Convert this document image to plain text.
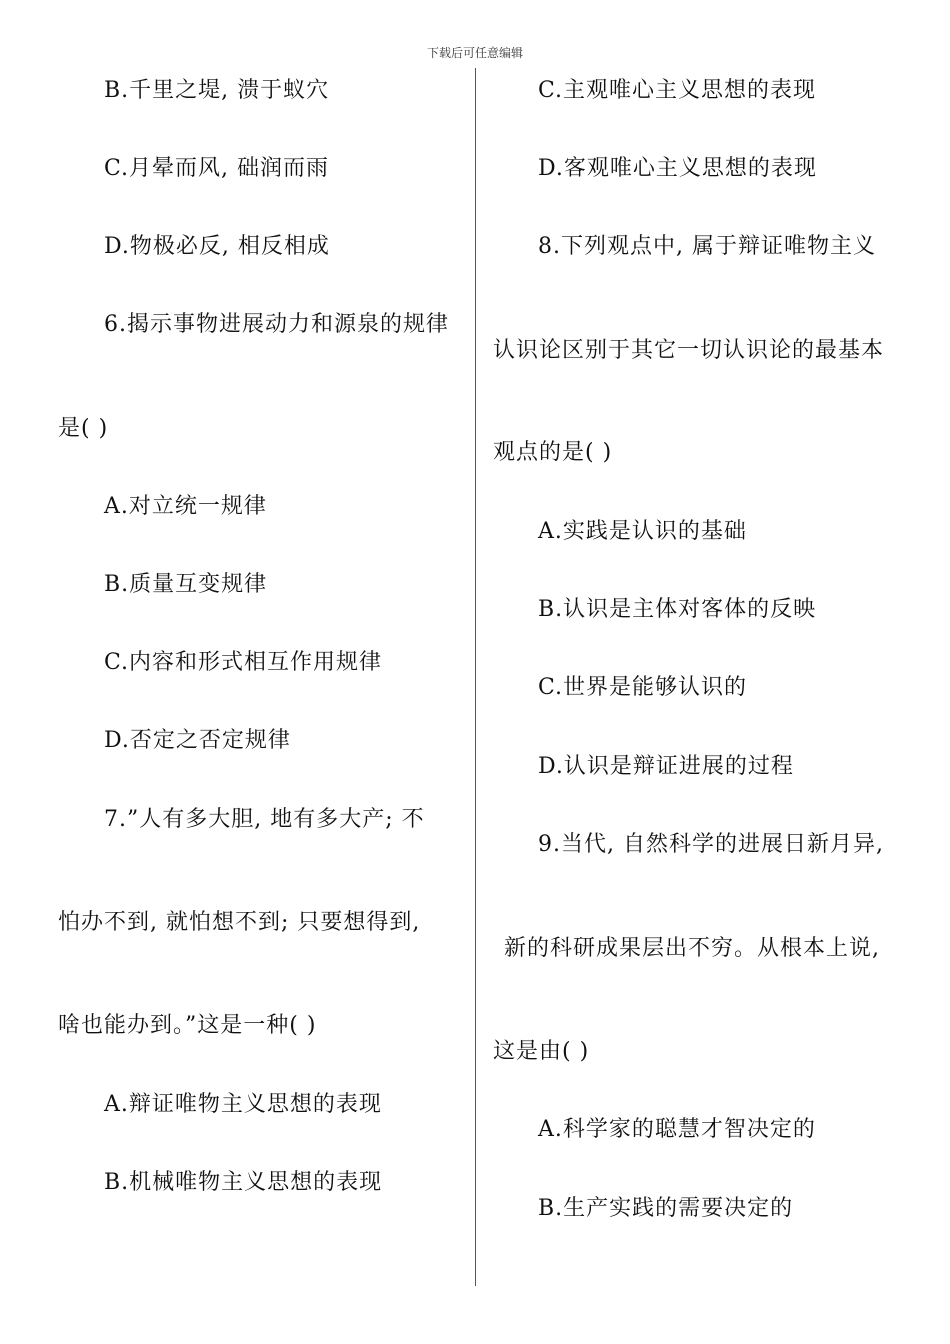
下载后可任意编辑
B.千里之堤, 溃于蚁穴
C.月晕而风, 础润而雨
D.物极必反, 相反相成
6.揭示事物进展动力和源泉的规律
是( )
A.对立统一规律
B.质量互变规律
C.内容和形式相互作用规律
D.否定之否定规律
7.”人有多大胆, 地有多大产; 不
怕办不到, 就怕想不到; 只要想得到,
啥也能办到。”这是一种( )
A.辩证唯物主义思想的表现
B.机械唯物主义思想的表现
C.主观唯心主义思想的表现
D.客观唯心主义思想的表现
8.下列观点中, 属于辩证唯物主义
认识论区别于其它一切认识论的最基本
观点的是( )
A.实践是认识的基础
B.认识是主体对客体的反映
C.世界是能够认识的
D.认识是辩证进展的过程
9.当代, 自然科学的进展日新月异,
新的科研成果层出不穷。从根本上说,
这是由( )
A.科学家的聪慧才智决定的
B.生产实践的需要决定的
